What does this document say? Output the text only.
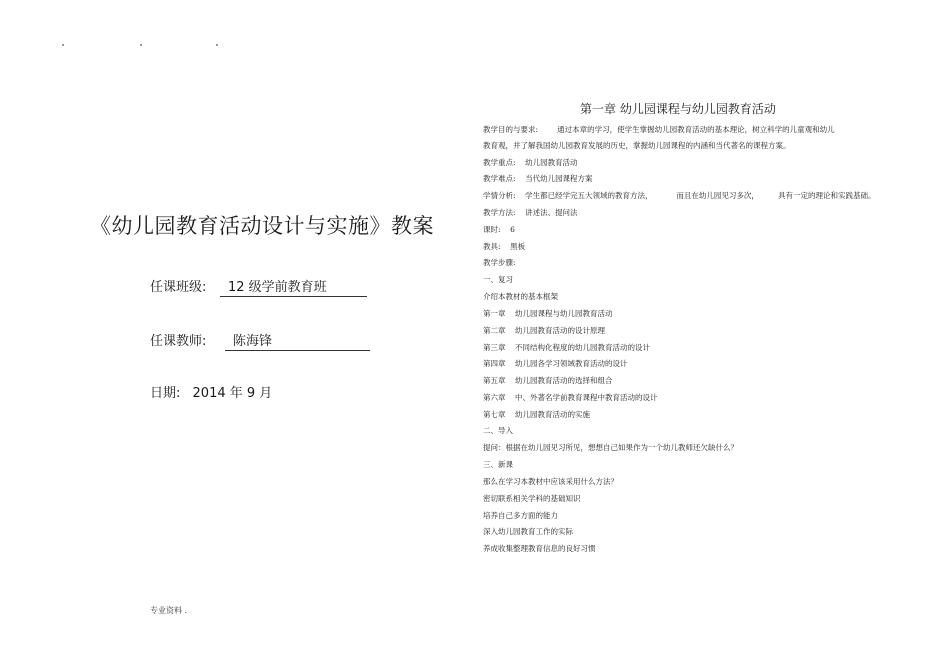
《幼儿园教育活动设计与实施》教案
任课班级:	12 级学前教育班
任课教师:	陈海锋
日期: 2014 年 9 月
专业资料 .
第一章 幼儿园课程与幼儿园教育活动
教学目的与要求:        通过本章的学习，使学生掌握幼儿园教育活动的基本理论，树立科学的儿童观和幼儿
教育观，并了解我国幼儿园教育发展的历史，掌握幼儿园课程的内涵和当代著名的课程方案。
教学重点:    幼儿园教育活动
教学难点:    当代幼儿园课程方案
学情分析:    学生都已经学完五大领域的教育方法，          而且在幼儿园见习多次，        具有一定的理论和实践基础。
教学方法:    讲述法、提问法
课时:    6
教具:    黑板
教学步骤:
一、复习
介绍本教材的基本框架
第一章    幼儿园课程与幼儿园教育活动
第二章    幼儿园教育活动的设计原理
第三章    不同结构化程度的幼儿园教育活动的设计
第四章    幼儿园各学习领域教育活动的设计
第五章    幼儿园教育活动的选择和组合
第六章    中、外著名学前教育课程中教育活动的设计
第七章    幼儿园教育活动的实施
二、导入
提问：根据在幼儿园见习所见，想想自己如果作为一个幼儿教师还欠缺什么？
三、新课
那么在学习本教材中应该采用什么方法？
密切联系相关学科的基础知识
培养自己多方面的能力
深入幼儿园教育工作的实际
养成收集整理教育信息的良好习惯
